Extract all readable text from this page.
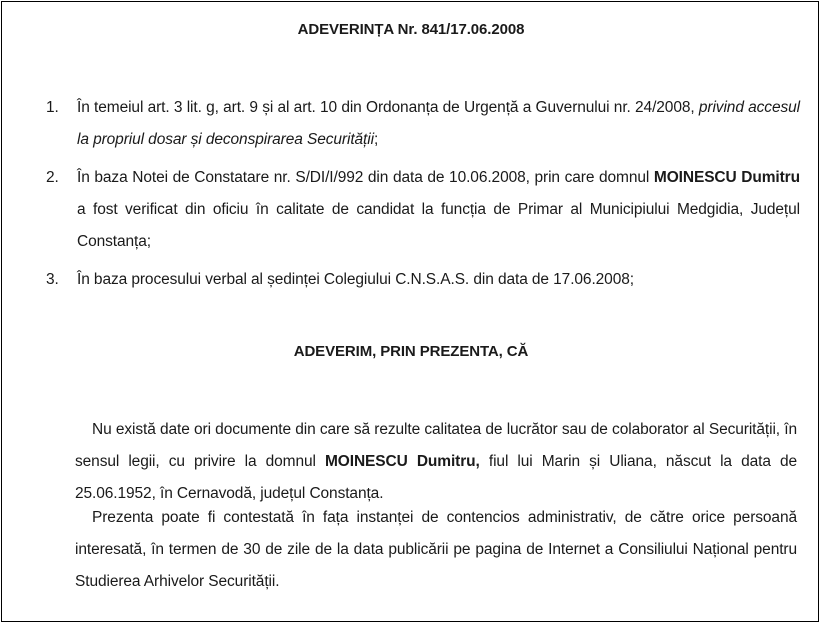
ADEVERINȚA Nr. 841/17.06.2008
1. În temeiul art. 3 lit. g, art. 9 și al art. 10 din Ordonanța de Urgență a Guvernului nr. 24/2008, privind accesul la propriul dosar și deconspirarea Securității;
2. În baza Notei de Constatare nr. S/DI/I/992 din data de 10.06.2008, prin care domnul MOINESCU Dumitru a fost verificat din oficiu în calitate de candidat la funcția de Primar al Municipiului Medgidia, Județul Constanța;
3. În baza procesului verbal al ședinței Colegiului C.N.S.A.S. din data de 17.06.2008;
ADEVERIM, PRIN PREZENTA, CĂ

Nu există date ori documente din care să rezulte calitatea de lucrător sau de colaborator al Securității, în sensul legii, cu privire la domnul MOINESCU Dumitru, fiul lui Marin și Uliana, născut la data de 25.06.1952, în Cernavodă, județul Constanța.

Prezenta poate fi contestată în fața instanței de contencios administrativ, de către orice persoană interesată, în termen de 30 de zile de la data publicării pe pagina de Internet a Consiliului Național pentru Studierea Arhivelor Securității.
